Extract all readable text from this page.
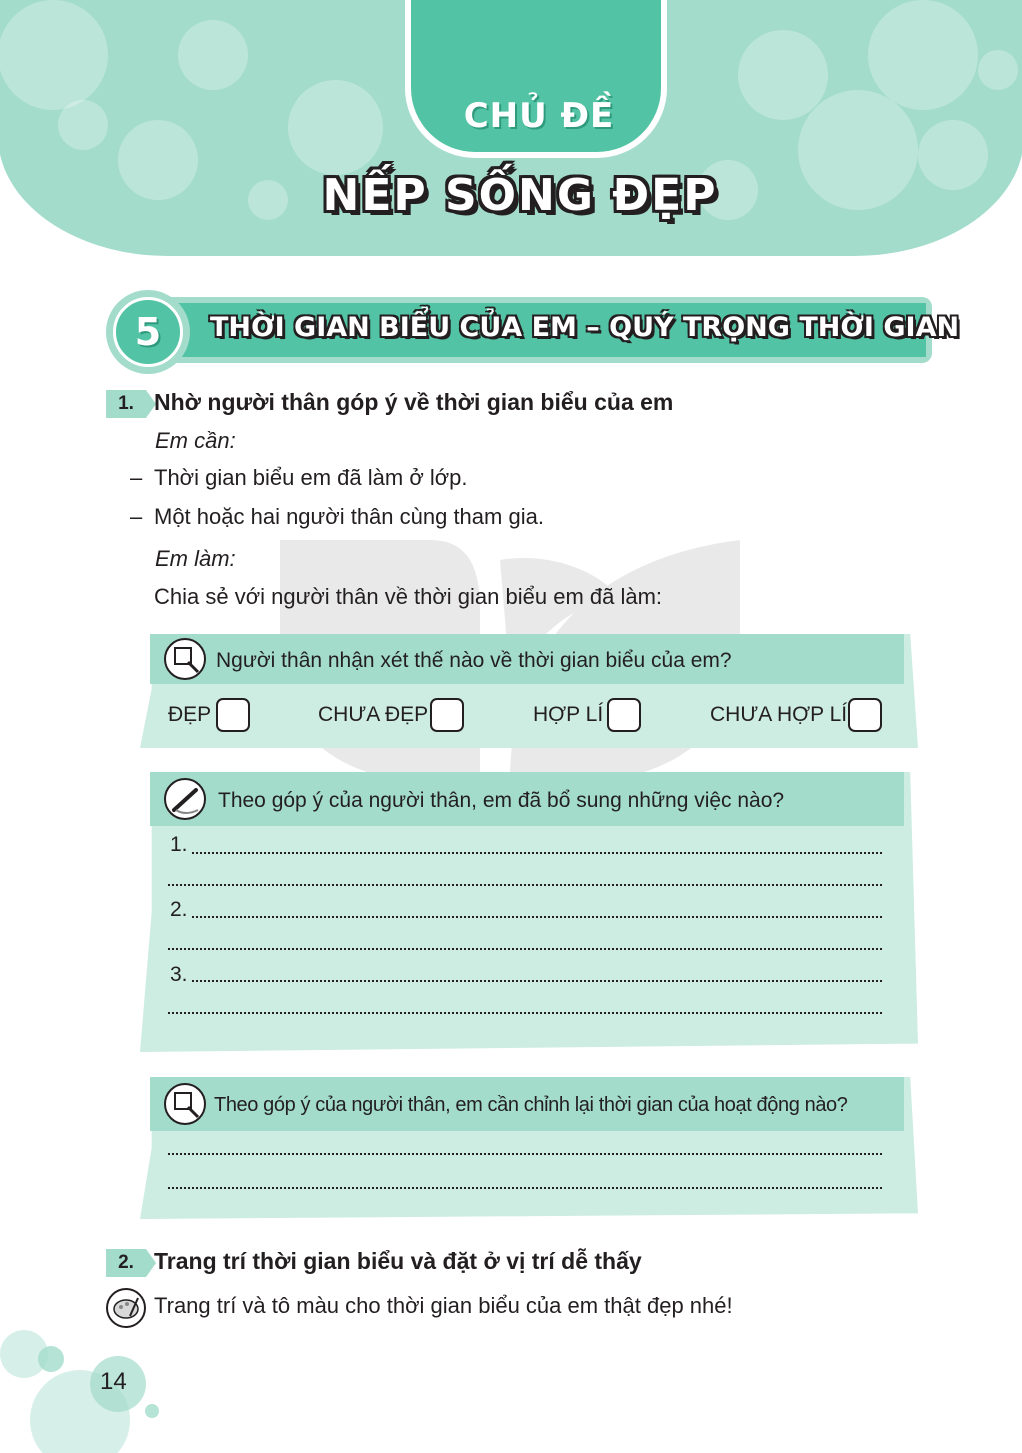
CHỦ ĐỀ
NẾP SỐNG ĐẸP
5	THỜI GIAN BIỂU CỦA EM – QUÝ TRỌNG THỜI GIAN
1. Nhờ người thân góp ý về thời gian biểu của em
Em cần:
– Thời gian biểu em đã làm ở lớp.
– Một hoặc hai người thân cùng tham gia.
Em làm:
Chia sẻ với người thân về thời gian biểu em đã làm:
Người thân nhận xét thế nào về thời gian biểu của em?
ĐẸP	CHƯA ĐẸP	HỢP LÍ	CHƯA HỢP LÍ
Theo góp ý của người thân, em đã bổ sung những việc nào?
1.
2.
3.
Theo góp ý của người thân, em cần chỉnh lại thời gian của hoạt động nào?
2. Trang trí thời gian biểu và đặt ở vị trí dễ thấy
Trang trí và tô màu cho thời gian biểu của em thật đẹp nhé!
14
